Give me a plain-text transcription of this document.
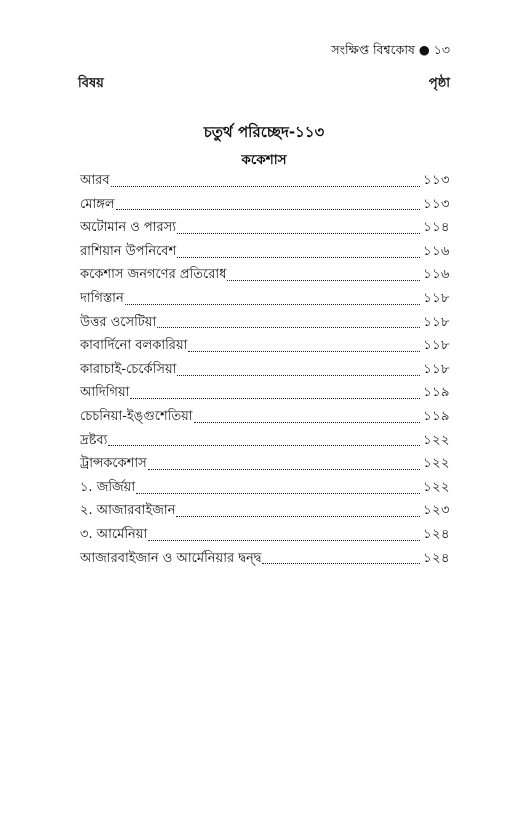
সংক্ষিপ্ত বিশ্বকোষ ● ১৩
বিষয়	পৃষ্ঠা
চতুর্থ পরিচ্ছেদ-১১৩
ককেশাস
আরব	১১৩
মোঙ্গল	১১৩
অটোমান ও পারস্য	১১৪
রাশিয়ান উপনিবেশ	১১৬
ককেশাস জনগণের প্রতিরোধ	১১৬
দাগিস্তান	১১৮
উত্তর ওসেটিয়া	১১৮
কাবার্দিনো বলকারিয়া	১১৮
কারাচাই-চের্কেসিয়া	১১৮
আদিগিয়া	১১৯
চেচনিয়া-ইঙ্গুশেতিয়া	১১৯
দ্রষ্টব্য	১২২
ট্রান্সককেশাস	১২২
১. জর্জিয়া	১২২
২. আজারবাইজান	১২৩
৩. আর্মেনিয়া	১২৪
আজারবাইজান ও আর্মেনিয়ার দ্বন্দ্ব	১২৪
